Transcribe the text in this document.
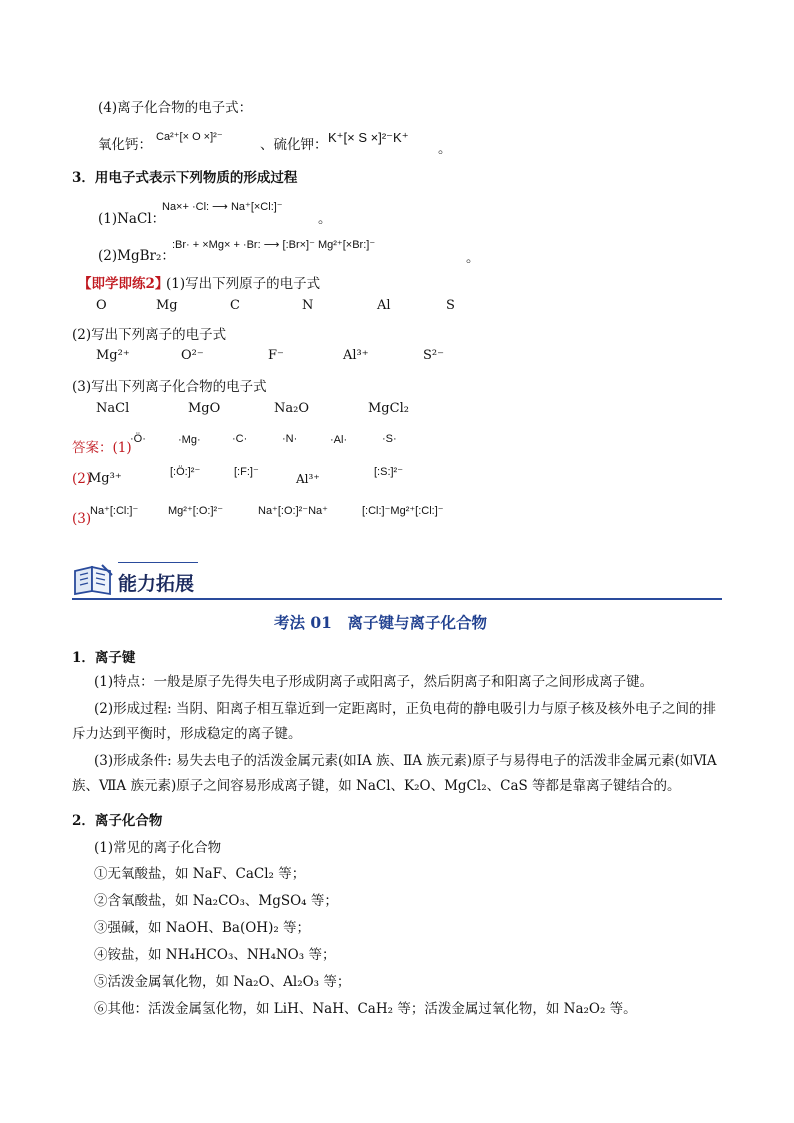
(4)离子化合物的电子式：
氧化钙： Ca²⁺[× O ×]²⁻	、硫化钾： K⁺[× S ×]²⁻K⁺
。
3．用电子式表示下列物质的形成过程
(1)NaCl：
Na×+ ·Cl: ⟶ Na⁺[×Cl:]⁻
。
(2)MgBr₂：
:Br· + ×Mg× + ·Br: ⟶ [:Br×]⁻ Mg²⁺[×Br:]⁻
。
【即学即练2】
(1)写出下列原子的电子式
O	Mg	C	N	Al	S
(2)写出下列离子的电子式
Mg²⁺	O²⁻	F⁻	Al³⁺	S²⁻
(3)写出下列离子化合物的电子式
NaCl	MgO	Na₂O	MgCl₂
答案：(1)
·Ö·	·Mg·	·C·	·N·	·Al·	·S·
(2)
Mg³⁺	[:Ö:]²⁻	[:F:]⁻	Al³⁺	[:S:]²⁻
(3)
Na⁺[:Cl:]⁻	Mg²⁺[:O:]²⁻	Na⁺[:O:]²⁻Na⁺	[:Cl:]⁻Mg²⁺[:Cl:]⁻
能力拓展
考法 01　离子键与离子化合物
1．离子键

(1)特点：一般是原子先得失电子形成阴离子或阳离子，然后阴离子和阳离子之间形成离子键。

(2)形成过程: 当阴、阳离子相互靠近到一定距离时，正负电荷的静电吸引力与原子核及核外电子之间的排斥力达到平衡时，形成稳定的离子键。

(3)形成条件: 易失去电子的活泼金属元素(如ⅠA 族、ⅡA 族元素)原子与易得电子的活泼非金属元素(如ⅥA 族、ⅦA 族元素)原子之间容易形成离子键，如 NaCl、K₂O、MgCl₂、CaS 等都是靠离子键结合的。

2．离子化合物
(1)常见的离子化合物
①无氧酸盐，如 NaF、CaCl₂ 等；
②含氧酸盐，如 Na₂CO₃、MgSO₄ 等；
③强碱，如 NaOH、Ba(OH)₂ 等；
④铵盐，如 NH₄HCO₃、NH₄NO₃ 等；
⑤活泼金属氧化物，如 Na₂O、Al₂O₃ 等；
⑥其他：活泼金属氢化物，如 LiH、NaH、CaH₂ 等；活泼金属过氧化物，如 Na₂O₂ 等。
